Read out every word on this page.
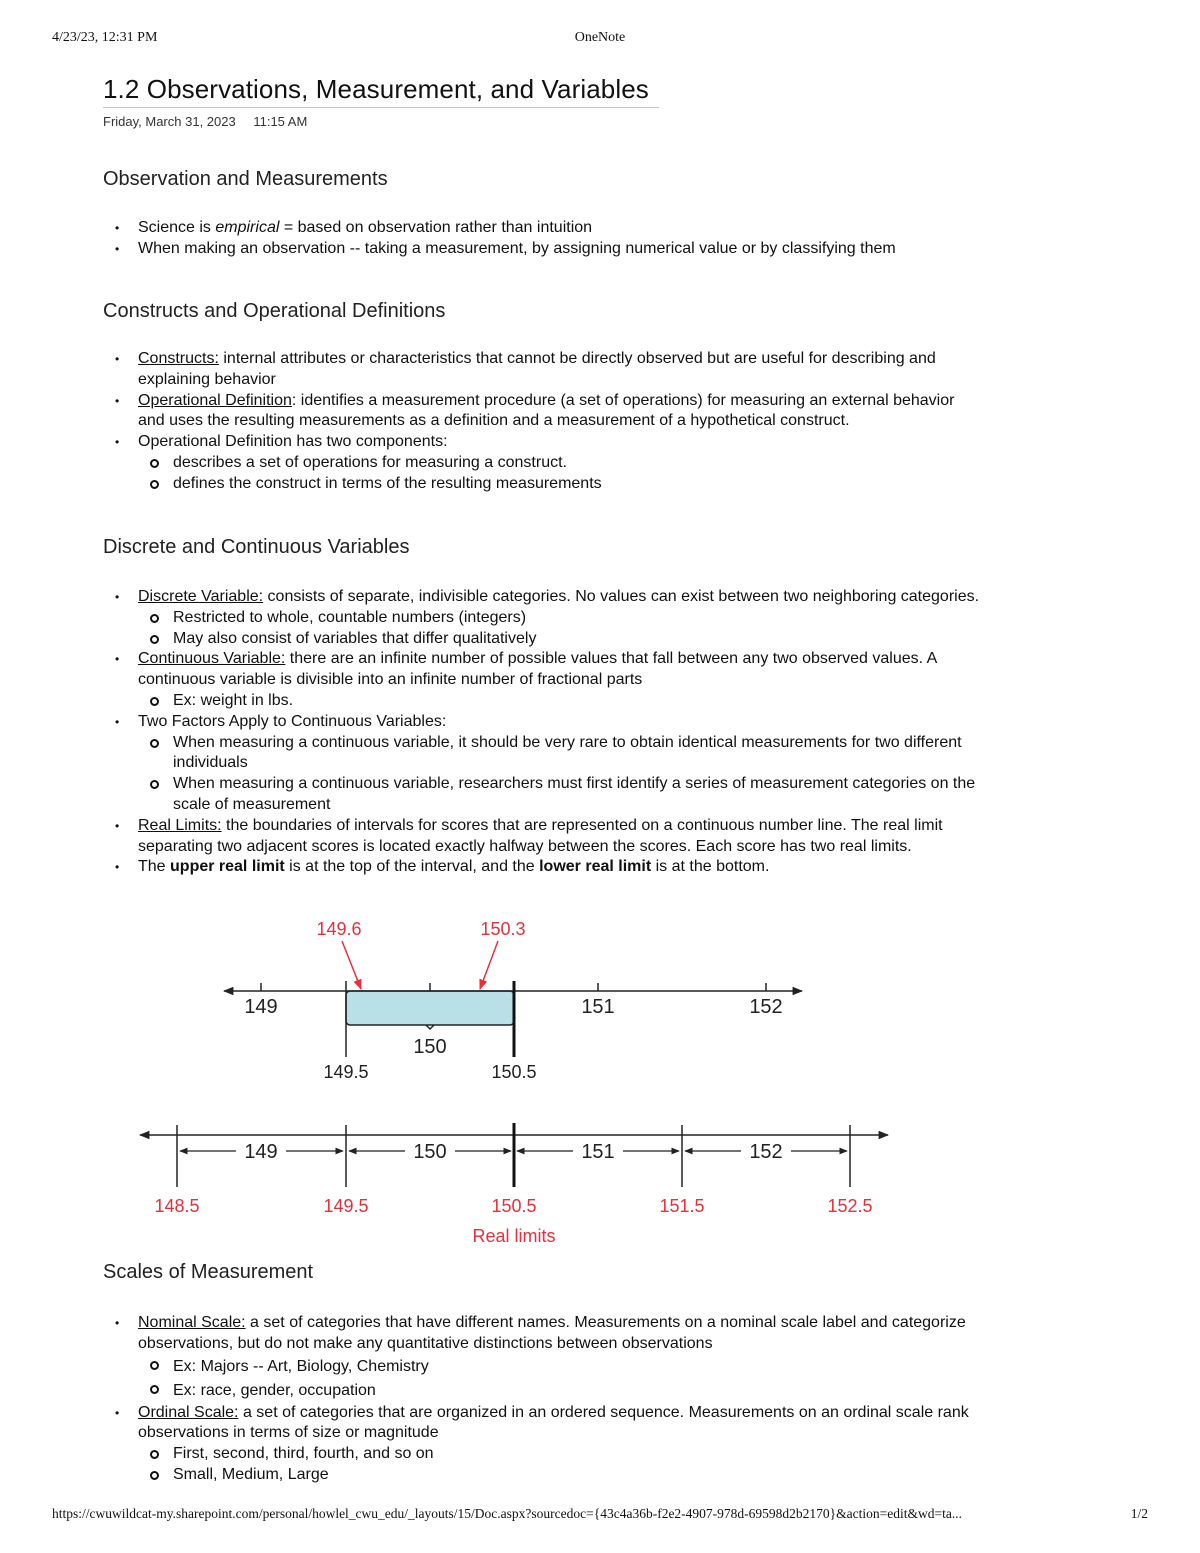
4/23/23, 12:31 PM	OneNote
1.2 Observations, Measurement, and Variables
Friday, March 31, 2023 11:15 AM
Observation and Measurements
• Science is empirical = based on observation rather than intuition
• When making an observation -- taking a measurement, by assigning numerical value or by classifying them
Constructs and Operational Definitions
• Constructs: internal attributes or characteristics that cannot be directly observed but are useful for describing and explaining behavior
• Operational Definition: identifies a measurement procedure (a set of operations) for measuring an external behavior and uses the resulting measurements as a definition and a measurement of a hypothetical construct.
• Operational Definition has two components:
describes a set of operations for measuring a construct.
defines the construct in terms of the resulting measurements
Discrete and Continuous Variables
• Discrete Variable: consists of separate, indivisible categories. No values can exist between two neighboring categories.
Restricted to whole, countable numbers (integers)
May also consist of variables that differ qualitatively
• Continuous Variable: there are an infinite number of possible values that fall between any two observed values. A continuous variable is divisible into an infinite number of fractional parts
Ex: weight in lbs.
• Two Factors Apply to Continuous Variables:
When measuring a continuous variable, it should be very rare to obtain identical measurements for two different individuals
When measuring a continuous variable, researchers must first identify a series of measurement categories on the scale of measurement
• Real Limits: the boundaries of intervals for scores that are represented on a continuous number line. The real limit separating two adjacent scores is located exactly halfway between the scores. Each score has two real limits.
• The upper real limit is at the top of the interval, and the lower real limit is at the bottom.
149
150
151	152
149.5	150.5
149.6	150.3
149	150	151	152
148.5	149.5	150.5	151.5	152.5
Real limits
Scales of Measurement
• Nominal Scale: a set of categories that have different names. Measurements on a nominal scale label and categorize observations, but do not make any quantitative distinctions between observations
Ex: Majors -- Art, Biology, Chemistry
Ex: race, gender, occupation
• Ordinal Scale: a set of categories that are organized in an ordered sequence. Measurements on an ordinal scale rank observations in terms of size or magnitude
First, second, third, fourth, and so on
Small, Medium, Large
https://cwuwildcat-my.sharepoint.com/personal/howlel_cwu_edu/_layouts/15/Doc.aspx?sourcedoc={43c4a36b-f2e2-4907-978d-69598d2b2170}&action=edit&wd=ta...	1/2
